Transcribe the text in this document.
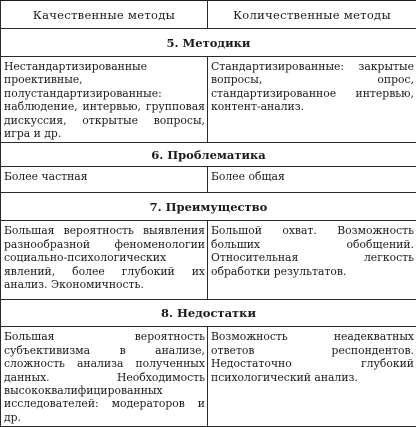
Качественные методы	Количественные методы
5. Методики	
Нестандартизированные проективные, полустандартизированные: наблюдение, интервью, групповая дискуссия, открытые вопросы, игра и др.	Стандартизированные: закрытые вопросы, опрос, стандартизированное интервью, контент-анализ.
6. Проблематика	
Более частная	Более общая
7. Преимущество	
Большая вероятность выявления разнообразной феноменологии социально-психологических явлений, более глубокий их анализ. Экономичность.	Большой охват. Возможность больших обобщений. Относительная легкость обработки результатов.
8. Недостатки	
Большая вероятность субъективизма в анализе, сложность анализа полученных данных. Необходимость высококвалифицированных исследователей: модераторов и др.	Возможность неадекватных ответов респондентов. Недостаточно глубокий психологический анализ.
